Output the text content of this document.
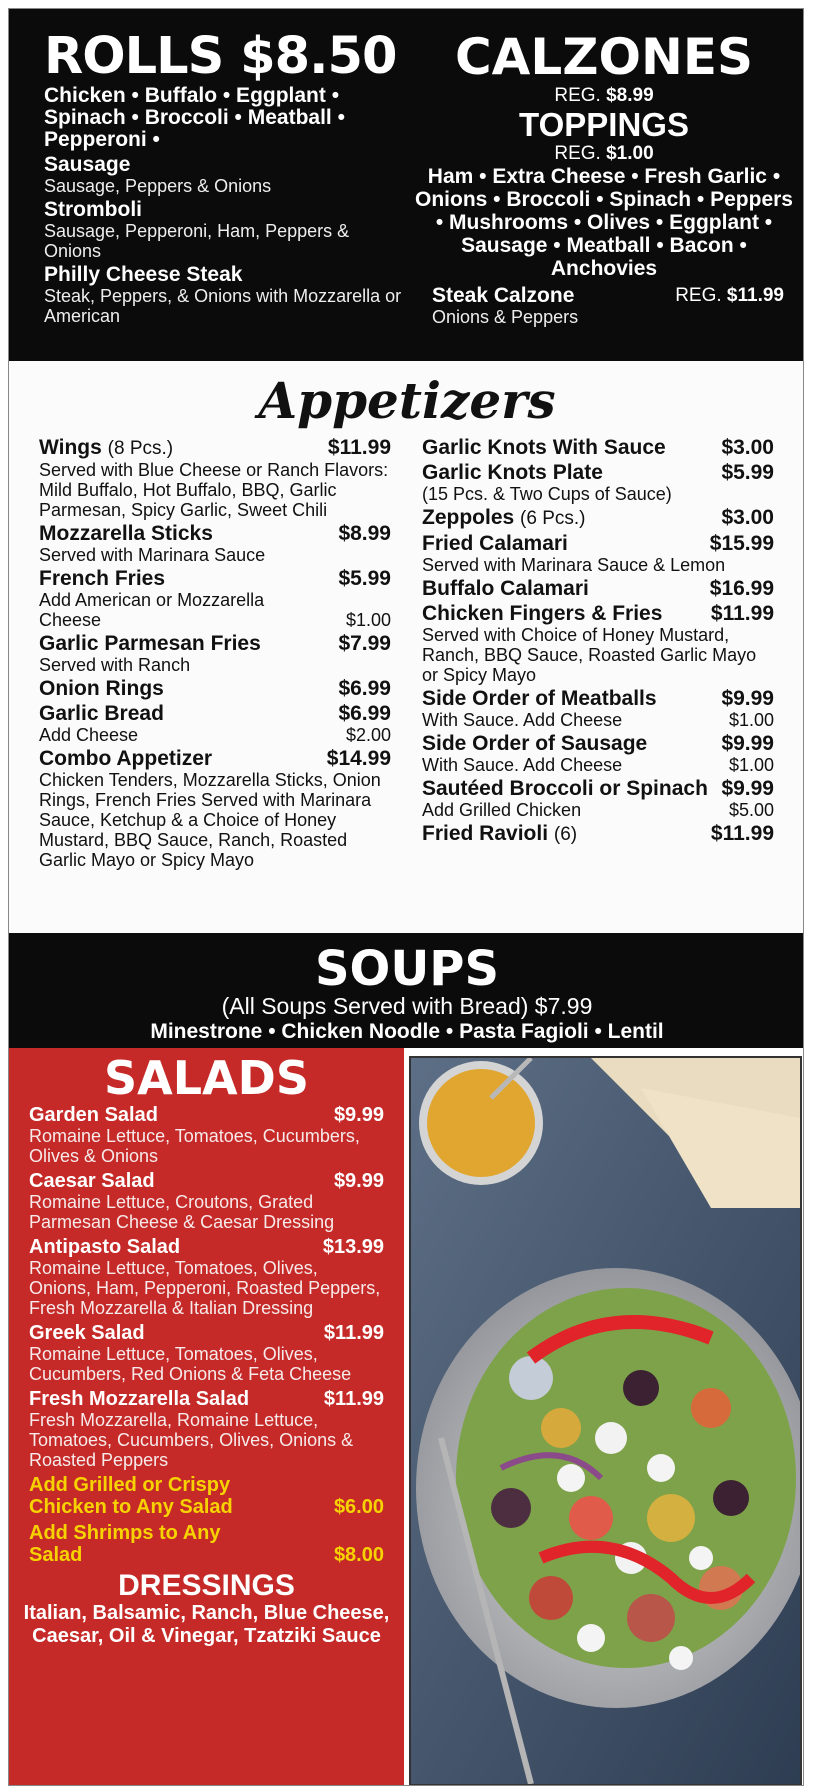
ROLLS $8.50
Chicken • Buffalo • Eggplant • Spinach • Broccoli • Meatball • Pepperoni •
Sausage
Sausage, Peppers & Onions
Stromboli
Sausage, Pepperoni, Ham, Peppers & Onions
Philly Cheese Steak
Steak, Peppers, & Onions with Mozzarella or American
CALZONES
REG. $8.99
TOPPINGS
REG. $1.00
Ham • Extra Cheese • Fresh Garlic • Onions • Broccoli • Spinach • Peppers • Mushrooms • Olives • Eggplant • Sausage • Meatball • Bacon • Anchovies
Steak Calzone
Onions & Peppers
REG. $11.99
Appetizers
Wings (8 Pcs.)	$11.99
Served with Blue Cheese or Ranch Flavors: Mild Buffalo, Hot Buffalo, BBQ, Garlic Parmesan, Spicy Garlic, Sweet Chili
Mozzarella Sticks	$8.99
Served with Marinara Sauce
French Fries	$5.99
Add American or Mozzarella
Cheese	$1.00
Garlic Parmesan Fries	$7.99
Served with Ranch
Onion Rings	$6.99
Garlic Bread	$6.99
Add Cheese	$2.00
Combo Appetizer	$14.99
Chicken Tenders, Mozzarella Sticks, Onion Rings, French Fries Served with Marinara Sauce, Ketchup & a Choice of Honey Mustard, BBQ Sauce, Ranch, Roasted Garlic Mayo or Spicy Mayo
Garlic Knots With Sauce	$3.00
Garlic Knots Plate	$5.99
(15 Pcs. & Two Cups of Sauce)
Zeppoles (6 Pcs.)	$3.00
Fried Calamari	$15.99
Served with Marinara Sauce & Lemon
Buffalo Calamari	$16.99
Chicken Fingers & Fries $11.99
Served with Choice of Honey Mustard, Ranch, BBQ Sauce, Roasted Garlic Mayo or Spicy Mayo
Side Order of Meatballs	$9.99
With Sauce. Add Cheese	$1.00
Side Order of Sausage	$9.99
With Sauce. Add Cheese	$1.00
Sautéed Broccoli or Spinach $9.99
Add Grilled Chicken	$5.00
Fried Ravioli (6)	$11.99
SOUPS
(All Soups Served with Bread) $7.99
Minestrone • Chicken Noodle • Pasta Fagioli • Lentil
SALADS
Garden Salad	$9.99
Romaine Lettuce, Tomatoes, Cucumbers, Olives & Onions
Caesar Salad	$9.99
Romaine Lettuce, Croutons, Grated Parmesan Cheese & Caesar Dressing
Antipasto Salad	$13.99
Romaine Lettuce, Tomatoes, Olives, Onions, Ham, Pepperoni, Roasted Peppers, Fresh Mozzarella & Italian Dressing
Greek Salad	$11.99
Romaine Lettuce, Tomatoes, Olives, Cucumbers, Red Onions & Feta Cheese
Fresh Mozzarella Salad	$11.99
Fresh Mozzarella, Romaine Lettuce, Tomatoes, Cucumbers, Olives, Onions & Roasted Peppers
Add Grilled or Crispy Chicken to Any Salad	$6.00
Add Shrimps to Any Salad	$8.00
DRESSINGS
Italian, Balsamic, Ranch, Blue Cheese, Caesar, Oil & Vinegar, Tzatziki Sauce
